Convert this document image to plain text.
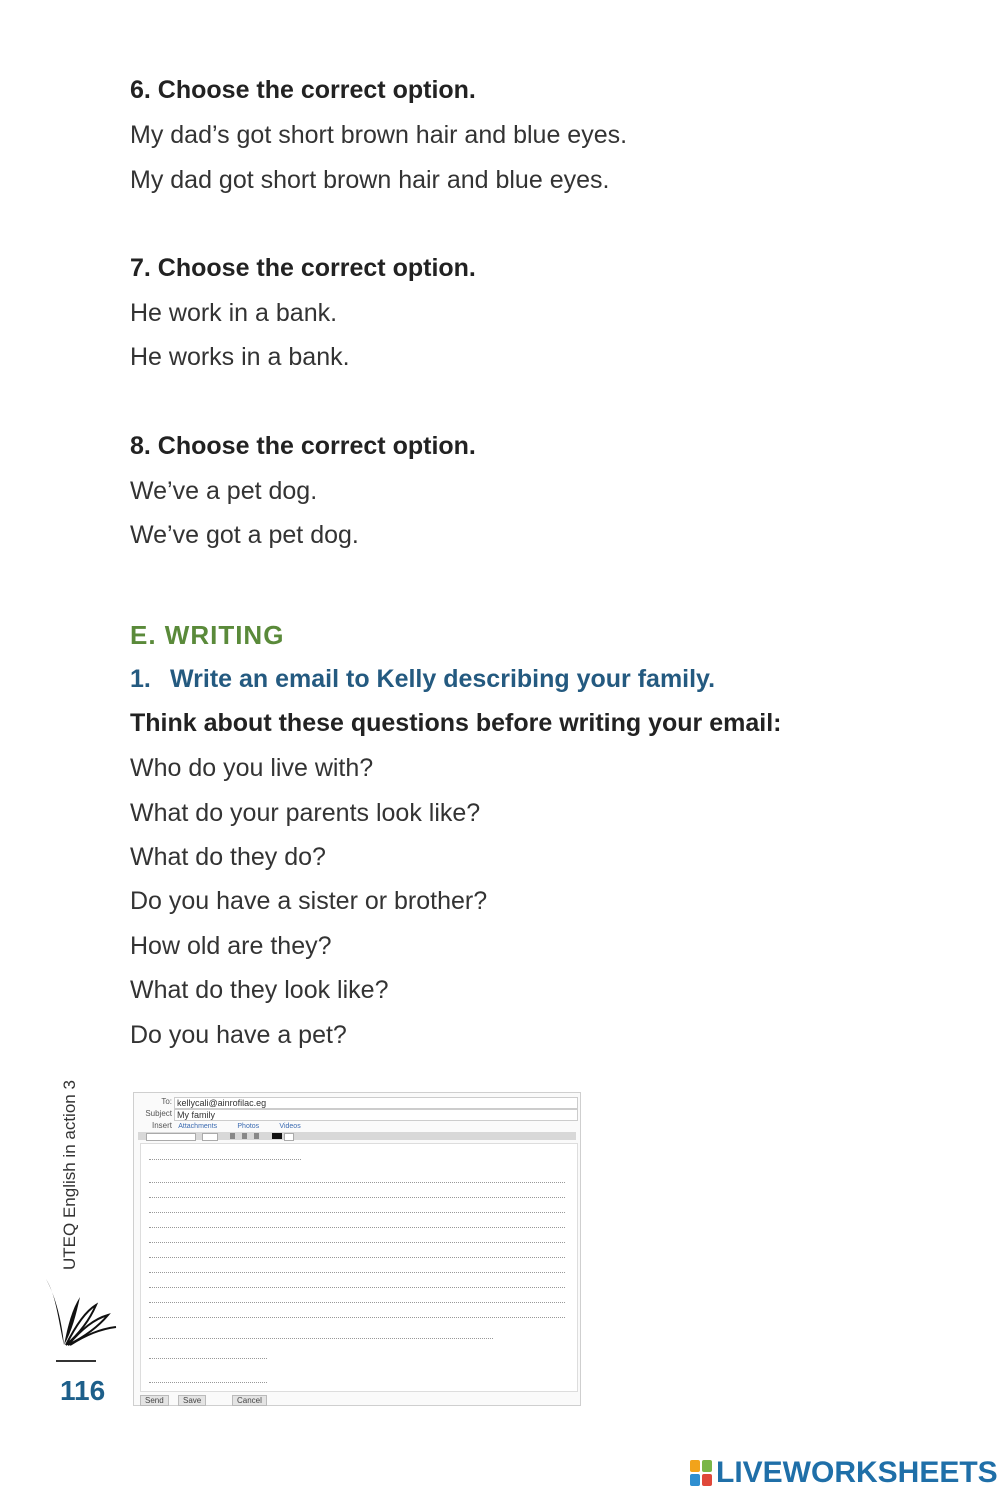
6. Choose the correct option.

My dad’s got short brown hair and blue eyes.

My dad got short brown hair and blue eyes.

7. Choose the correct option.

He work in a bank.

He works in a bank.

8. Choose the correct option.

We’ve a pet dog.

We’ve got a pet dog.

E. WRITING
1. Write an email to Kelly describing your family.
Think about these questions before writing your email:
Who do you live with?
What do your parents look like?
What do they do?
Do you have a sister or brother?
How old are they?
What do they look like?
Do you have a pet?
To: kellycali@ainrofilac.eg
Subject My family
Insert Attachments	Photos	Videos
Send	Save	Cancel
UTEQ English in action 3
116
LIVEWORKSHEETS
